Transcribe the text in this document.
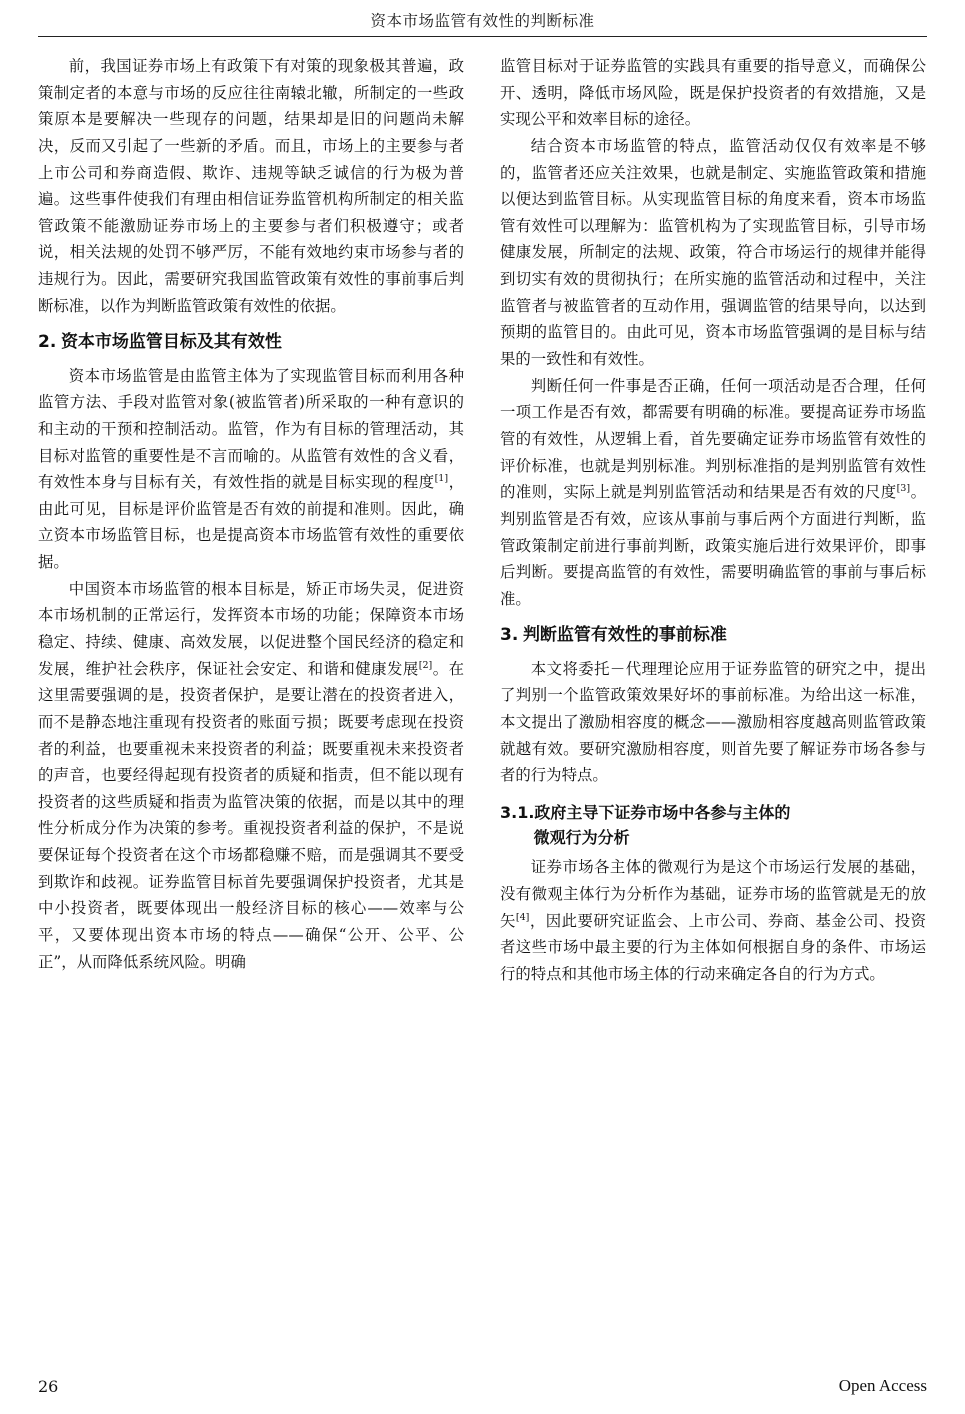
资本市场监管有效性的判断标准

前，我国证券市场上有政策下有对策的现象极其普遍，政策制定者的本意与市场的反应往往南辕北辙，所制定的一些政策原本是要解决一些现存的问题，结果却是旧的问题尚未解决，反而又引起了一些新的矛盾。而且，市场上的主要参与者上市公司和券商造假、欺诈、违规等缺乏诚信的行为极为普遍。这些事件使我们有理由相信证券监管机构所制定的相关监管政策不能激励证券市场上的主要参与者们积极遵守；或者说，相关法规的处罚不够严厉，不能有效地约束市场参与者的违规行为。因此，需要研究我国监管政策有效性的事前事后判断标准，以作为判断监管政策有效性的依据。

2. 资本市场监管目标及其有效性

资本市场监管是由监管主体为了实现监管目标而利用各种监管方法、手段对监管对象(被监管者)所采取的一种有意识的和主动的干预和控制活动。监管，作为有目标的管理活动，其目标对监管的重要性是不言而喻的。从监管有效性的含义看，有效性本身与目标有关，有效性指的就是目标实现的程度[1]，由此可见，目标是评价监管是否有效的前提和准则。因此，确立资本市场监管目标，也是提高资本市场监管有效性的重要依据。

中国资本市场监管的根本目标是，矫正市场失灵，促进资本市场机制的正常运行，发挥资本市场的功能；保障资本市场稳定、持续、健康、高效发展，以促进整个国民经济的稳定和发展，维护社会秩序，保证社会安定、和谐和健康发展[2]。在这里需要强调的是，投资者保护，是要让潜在的投资者进入，而不是静态地注重现有投资者的账面亏损；既要考虑现在投资者的利益，也要重视未来投资者的利益；既要重视未来投资者的声音，也要经得起现有投资者的质疑和指责，但不能以现有投资者的这些质疑和指责为监管决策的依据，而是以其中的理性分析成分作为决策的参考。重视投资者利益的保护，不是说要保证每个投资者在这个市场都稳赚不赔，而是强调其不要受到欺诈和歧视。证券监管目标首先要强调保护投资者，尤其是中小投资者，既要体现出一般经济目标的核心——效率与公平，又要体现出资本市场的特点——确保“公开、公平、公正”，从而降低系统风险。明确

监管目标对于证券监管的实践具有重要的指导意义，而确保公开、透明，降低市场风险，既是保护投资者的有效措施，又是实现公平和效率目标的途径。

结合资本市场监管的特点，监管活动仅仅有效率是不够的，监管者还应关注效果，也就是制定、实施监管政策和措施以便达到监管目标。从实现监管目标的角度来看，资本市场监管有效性可以理解为：监管机构为了实现监管目标，引导市场健康发展，所制定的法规、政策，符合市场运行的规律并能得到切实有效的贯彻执行；在所实施的监管活动和过程中，关注监管者与被监管者的互动作用，强调监管的结果导向，以达到预期的监管目的。由此可见，资本市场监管强调的是目标与结果的一致性和有效性。

判断任何一件事是否正确，任何一项活动是否合理，任何一项工作是否有效，都需要有明确的标准。要提高证券市场监管的有效性，从逻辑上看，首先要确定证券市场监管有效性的评价标准，也就是判别标准。判别标准指的是判别监管有效性的准则，实际上就是判别监管活动和结果是否有效的尺度[3]。判别监管是否有效，应该从事前与事后两个方面进行判断，监管政策制定前进行事前判断，政策实施后进行效果评价，即事后判断。要提高监管的有效性，需要明确监管的事前与事后标准。

3. 判断监管有效性的事前标准

本文将委托－代理理论应用于证券监管的研究之中，提出了判别一个监管政策效果好坏的事前标准。为给出这一标准，本文提出了激励相容度的概念——激励相容度越高则监管政策就越有效。要研究激励相容度，则首先要了解证券市场各参与者的行为特点。

3.1.政府主导下证券市场中各参与主体的
微观行为分析

证券市场各主体的微观行为是这个市场运行发展的基础，没有微观主体行为分析作为基础，证券市场的监管就是无的放矢[4]，因此要研究证监会、上市公司、券商、基金公司、投资者这些市场中最主要的行为主体如何根据自身的条件、市场运行的特点和其他市场主体的行动来确定各自的行为方式。

26	Open Access
